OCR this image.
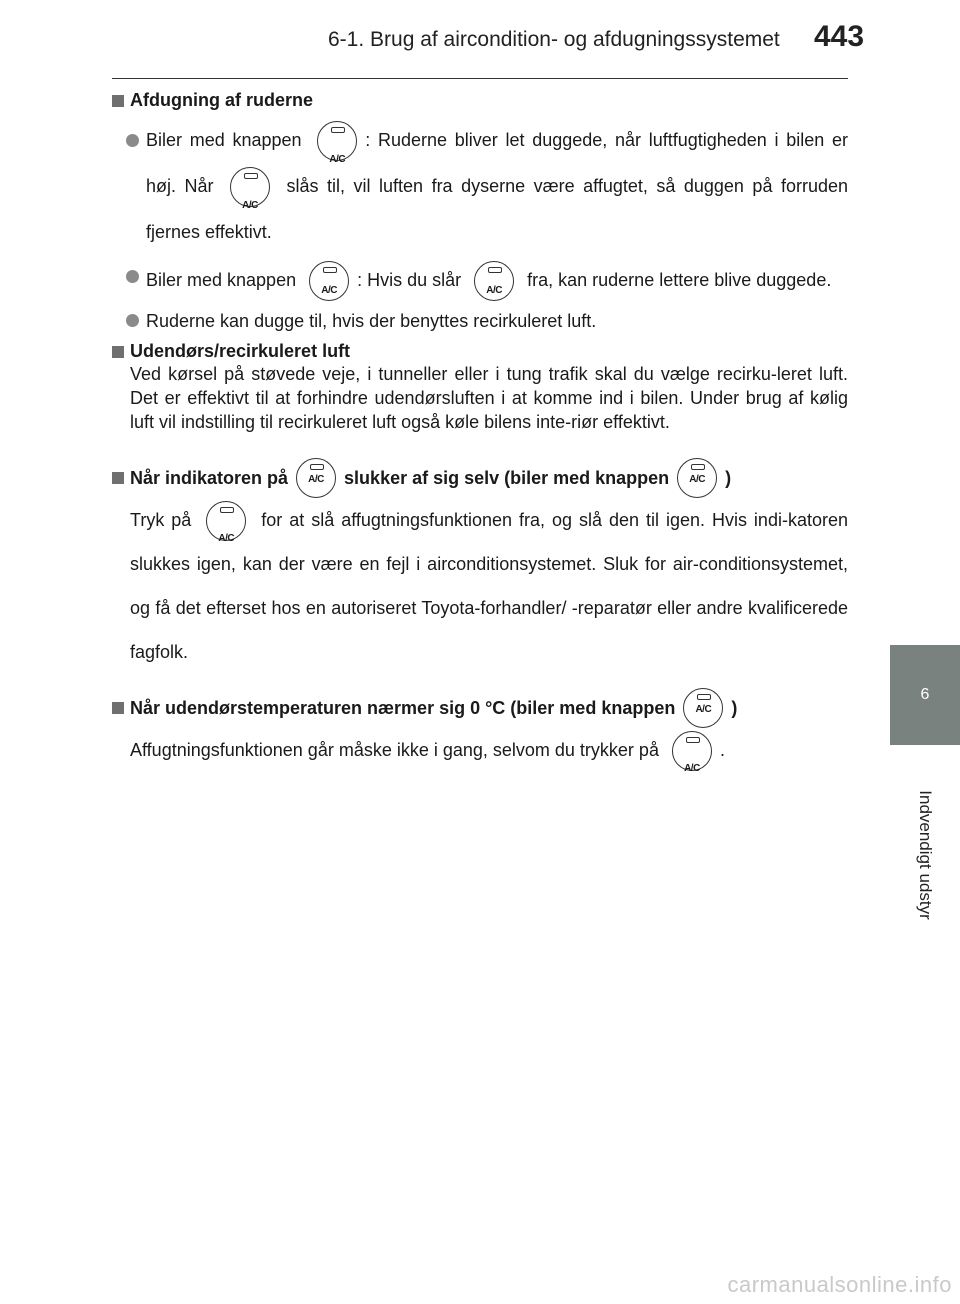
6-1. Brug af aircondition- og afdugningssystemet 443
6
Indvendigt udstyr
Afdugning af ruderne

Biler med knappen
A/C
: Ruderne bliver let duggede, når luftfugtigheden i bilen er høj. Når
A/C
slås til, vil luften fra dyserne være affugtet, så duggen på forruden fjernes effektivt.

Biler med knappen
A/C
: Hvis du slår
A/C
fra, kan ruderne lettere blive duggede.

Ruderne kan dugge til, hvis der benyttes recirkuleret luft.

Udendørs/recirkuleret luft

Ved kørsel på støvede veje, i tunneller eller i tung trafik skal du vælge recirku-leret luft. Det er effektivt til at forhindre udendørsluften i at komme ind i bilen. Under brug af kølig luft vil indstilling til recirkuleret luft også køle bilens inte-riør effektivt.

Når indikatoren på	A/C	slukker af sig selv (biler med knappen	A/C	)

Tryk på
A/C
for at slå affugtningsfunktionen fra, og slå den til igen. Hvis indi-katoren slukkes igen, kan der være en fejl i airconditionsystemet. Sluk for air-conditionsystemet, og få det efterset hos en autoriseret Toyota-forhandler/ -reparatør eller andre kvalificerede fagfolk.

Når udendørstemperaturen nærmer sig 0 °C (biler med knappen	A/C	)

Affugtningsfunktionen går måske ikke i gang, selvom du trykker på
A/C
.

carmanualsonline.info
